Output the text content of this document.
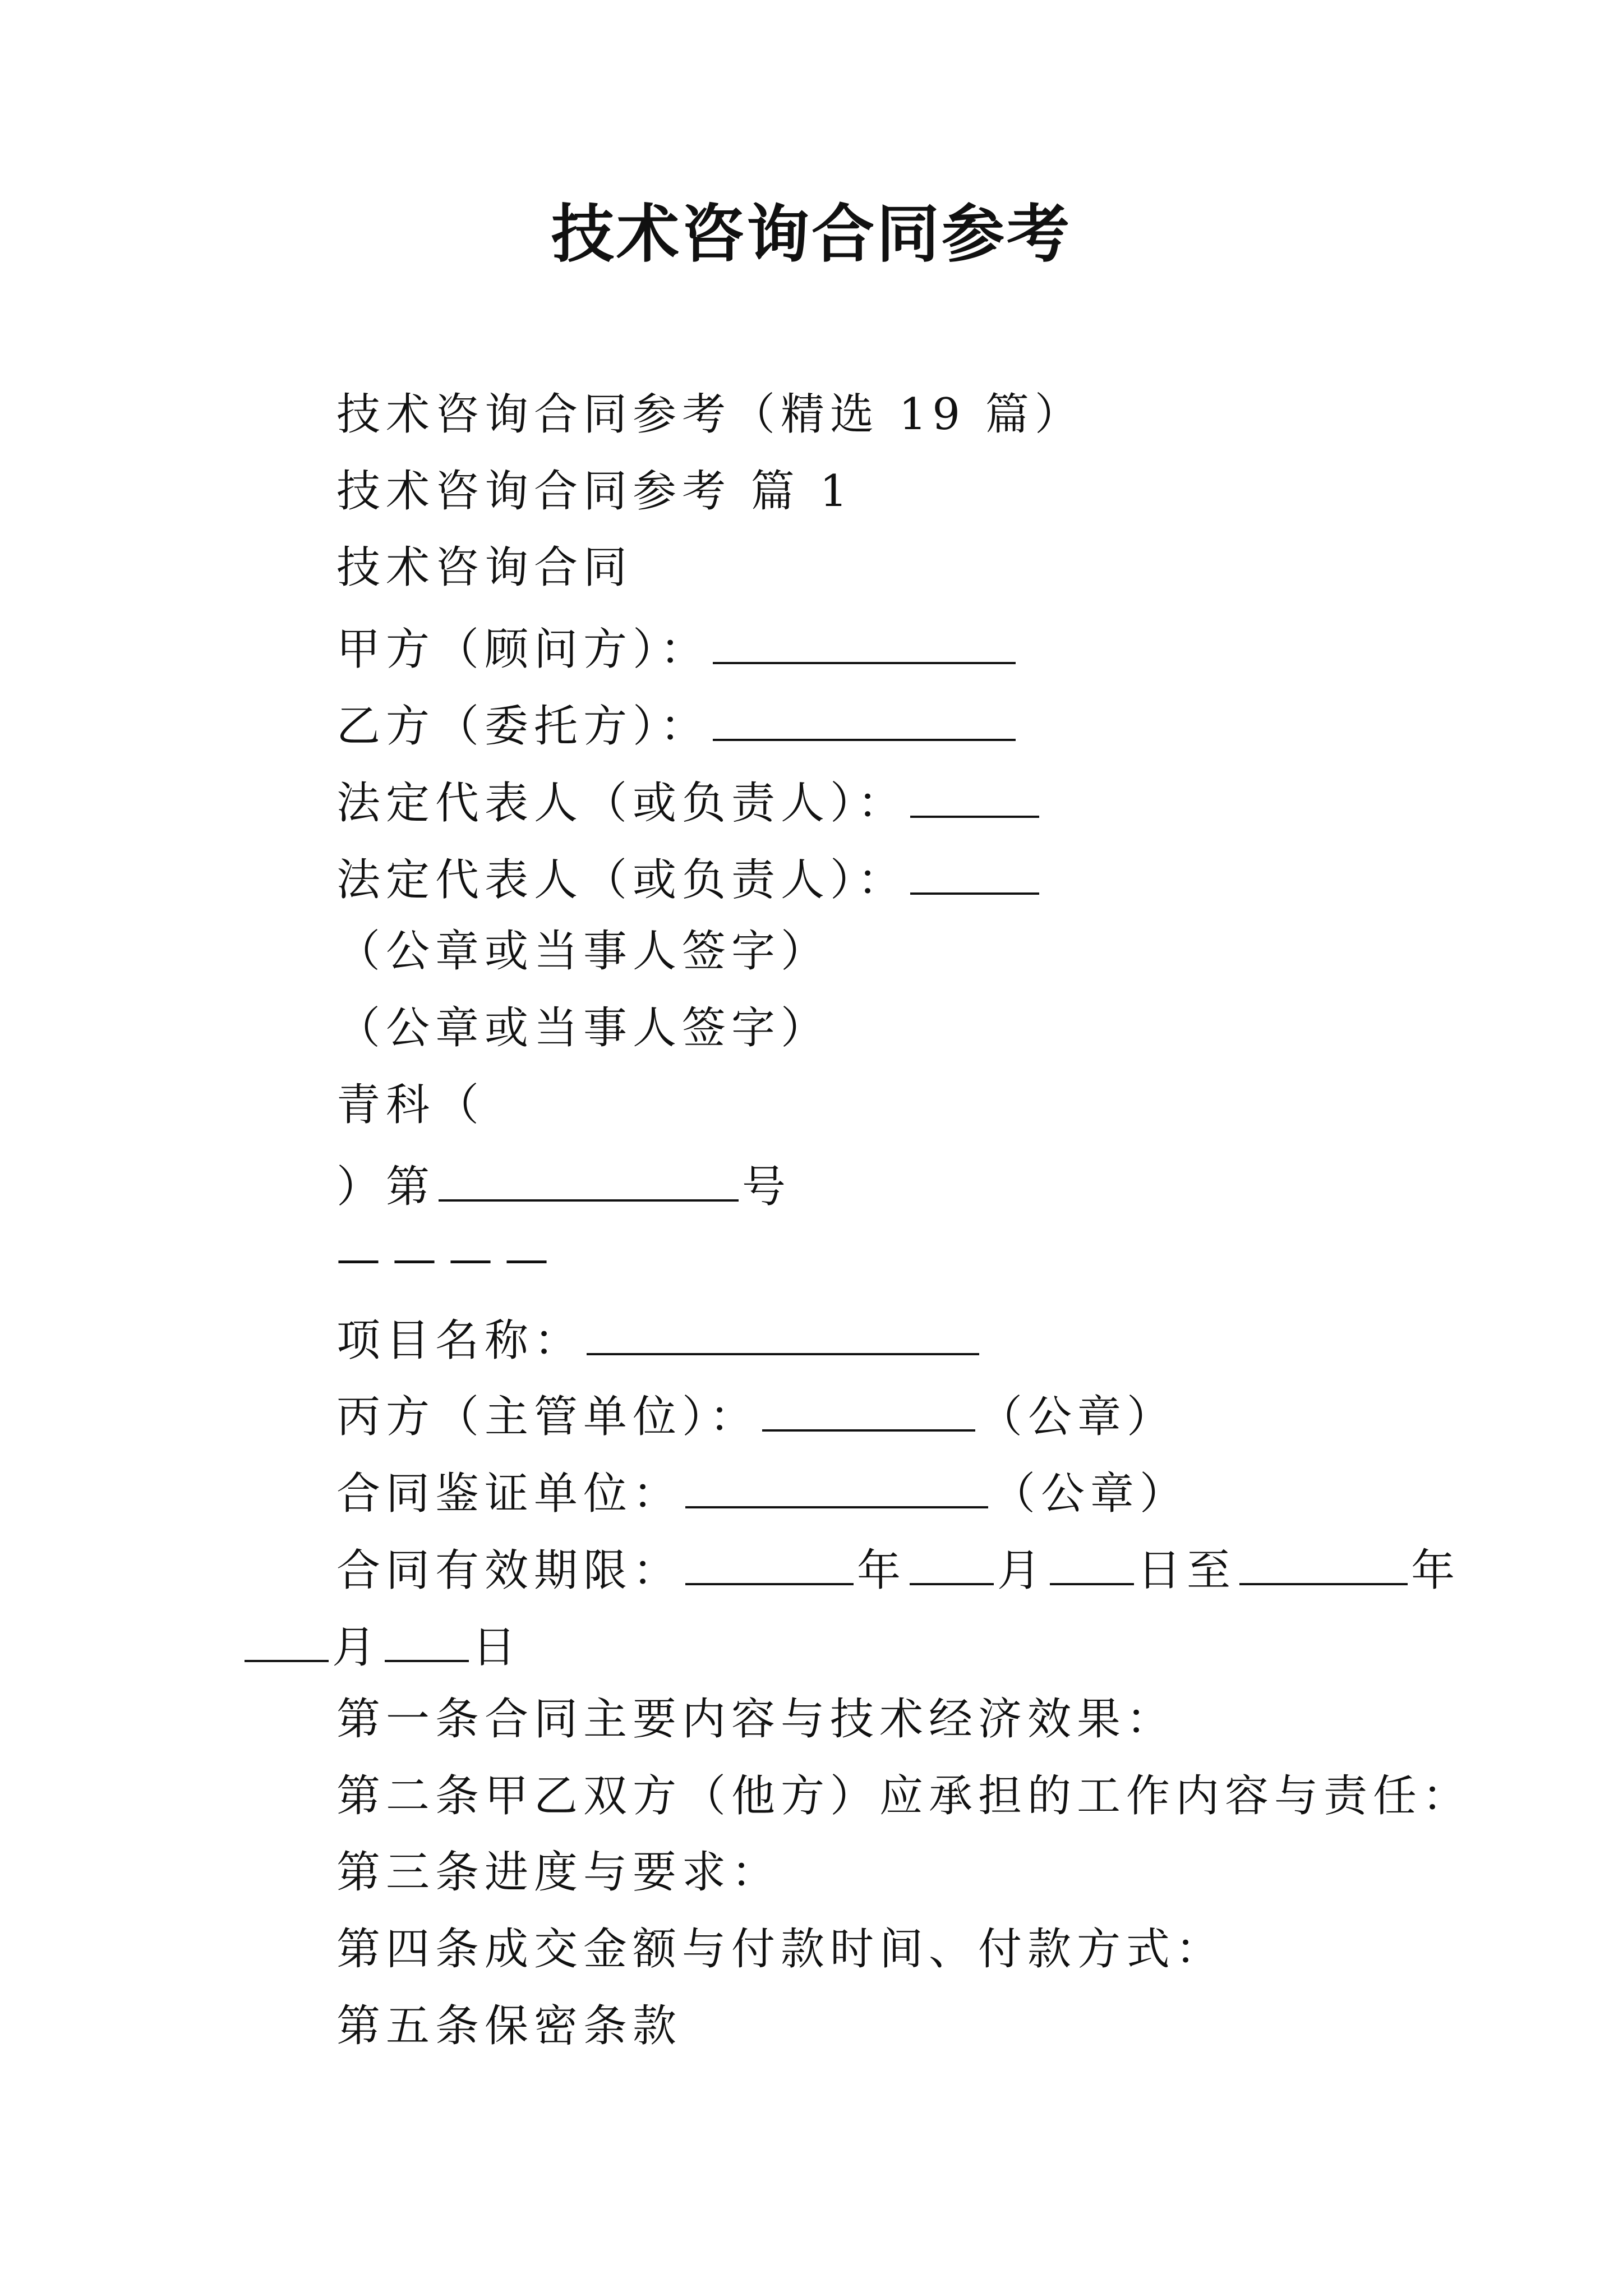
技术咨询合同参考
技术咨询合同参考（精选 19 篇）
技术咨询合同参考 篇 1
技术咨询合同
甲方（顾问方）：
乙方（委托方）：
法定代表人（或负责人）：
法定代表人（或负责人）：
（公章或当事人签字）
（公章或当事人签字）
青科（
）第	号
————
项目名称：
丙方（主管单位）：	（公章）
合同鉴证单位：	（公章）
合同有效期限：	年 月 日至	年
月 日
第一条合同主要内容与技术经济效果：
第二条甲乙双方（他方）应承担的工作内容与责任：
第三条进度与要求：
第四条成交金额与付款时间、付款方式：
第五条保密条款
